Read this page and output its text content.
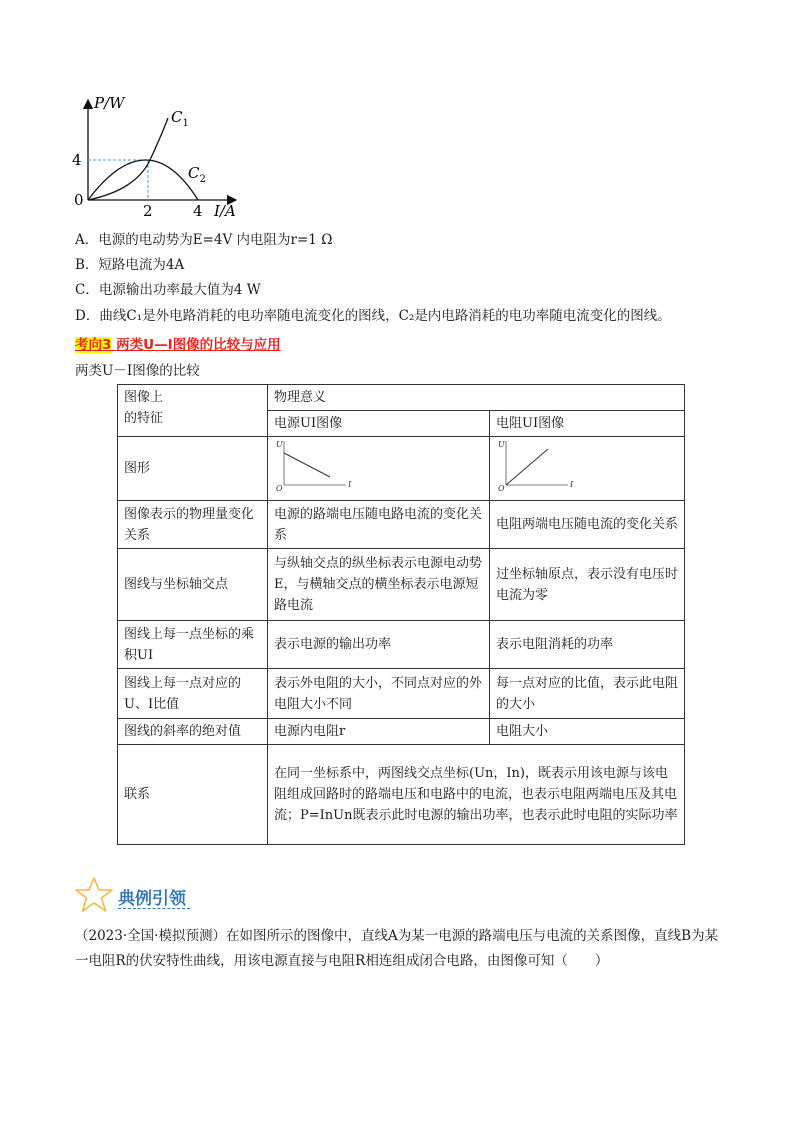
P/W
0
4
2	4 I/A
$C_1$
$C_2$
A．电源的电动势为E=4V 内电阻为r=1 Ω
B．短路电流为4A
C．电源输出功率最大值为4 W
D．曲线C₁是外电路消耗的电功率随电流变化的图线，C₂是内电路消耗的电功率随电流变化的图线。
考向3 两类U—I图像的比较与应用
两类U－I图像的比较
图像上
的特征	物理意义	
	电源UI图像	电阻UI图像
图形	U
I
O	U
I
O

图像表示的物理量变化关系	电源的路端电压随电路电流的变化关系	电阻两端电压随电流的变化关系
图线与坐标轴交点	与纵轴交点的纵坐标表示电源电动势E，与横轴交点的横坐标表示电源短路电流	过坐标轴原点，表示没有电压时电流为零
图线上每一点坐标的乘积UI	表示电源的输出功率	表示电阻消耗的功率
图线上每一点对应的U、I比值	表示外电阻的大小，不同点对应的外电阻大小不同	每一点对应的比值，表示此电阻的大小
图线的斜率的绝对值	电源内电阻r	电阻大小
联系	在同一坐标系中，两图线交点坐标(Un，In)，既表示用该电源与该电阻组成回路时的路端电压和电路中的电流，也表示电阻两端电压及其电流；P=InUn既表示此时电源的输出功率，也表示此时电阻的实际功率	
典例引领
（2023·全国·模拟预测）在如图所示的图像中，直线A为某一电源的路端电压与电流的关系图像，直线B为某一电阻R的伏安特性曲线，用该电源直接与电阻R相连组成闭合电路，由图像可知（　　）
